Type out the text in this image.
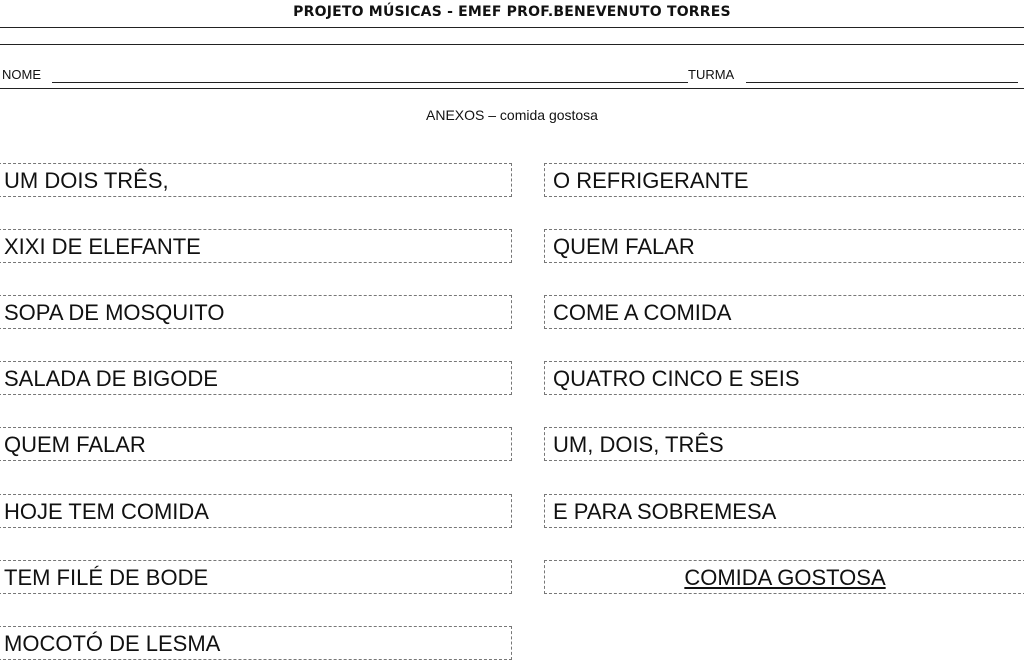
PROJETO MÚSICAS - EMEF PROF.BENEVENUTO TORRES
NOME	TURMA
ANEXOS – comida gostosa
UM DOIS TRÊS,
XIXI DE ELEFANTE
SOPA DE MOSQUITO
SALADA DE BIGODE
QUEM FALAR
HOJE TEM COMIDA
TEM FILÉ DE BODE
MOCOTÓ DE LESMA
O REFRIGERANTE
QUEM FALAR
COME A COMIDA
QUATRO CINCO E SEIS
UM, DOIS, TRÊS
E PARA SOBREMESA
COMIDA GOSTOSA
